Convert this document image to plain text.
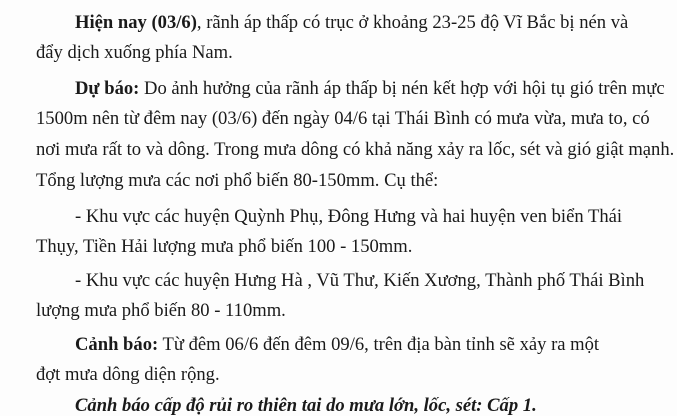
Hiện nay (03/6), rãnh áp thấp có trục ở khoảng 23-25 độ Vĩ Bắc bị nén và
đẩy dịch xuống phía Nam.
Dự báo: Do ảnh hưởng của rãnh áp thấp bị nén kết hợp với hội tụ gió trên mực
1500m nên từ đêm nay (03/6) đến ngày 04/6 tại Thái Bình có mưa vừa, mưa to, có
nơi mưa rất to và dông. Trong mưa dông có khả năng xảy ra lốc, sét và gió giật mạnh.
Tổng lượng mưa các nơi phổ biến 80-150mm. Cụ thể:
- Khu vực các huyện Quỳnh Phụ, Đông Hưng và hai huyện ven biển Thái
Thụy, Tiền Hải lượng mưa phổ biến 100 - 150mm.
- Khu vực các huyện Hưng Hà , Vũ Thư, Kiến Xương, Thành phố Thái Bình
lượng mưa phổ biến 80 - 110mm.
Cảnh báo: Từ đêm 06/6 đến đêm 09/6, trên địa bàn tỉnh sẽ xảy ra một
đợt mưa dông diện rộng.
Cảnh báo cấp độ rủi ro thiên tai do mưa lớn, lốc, sét: Cấp 1.
